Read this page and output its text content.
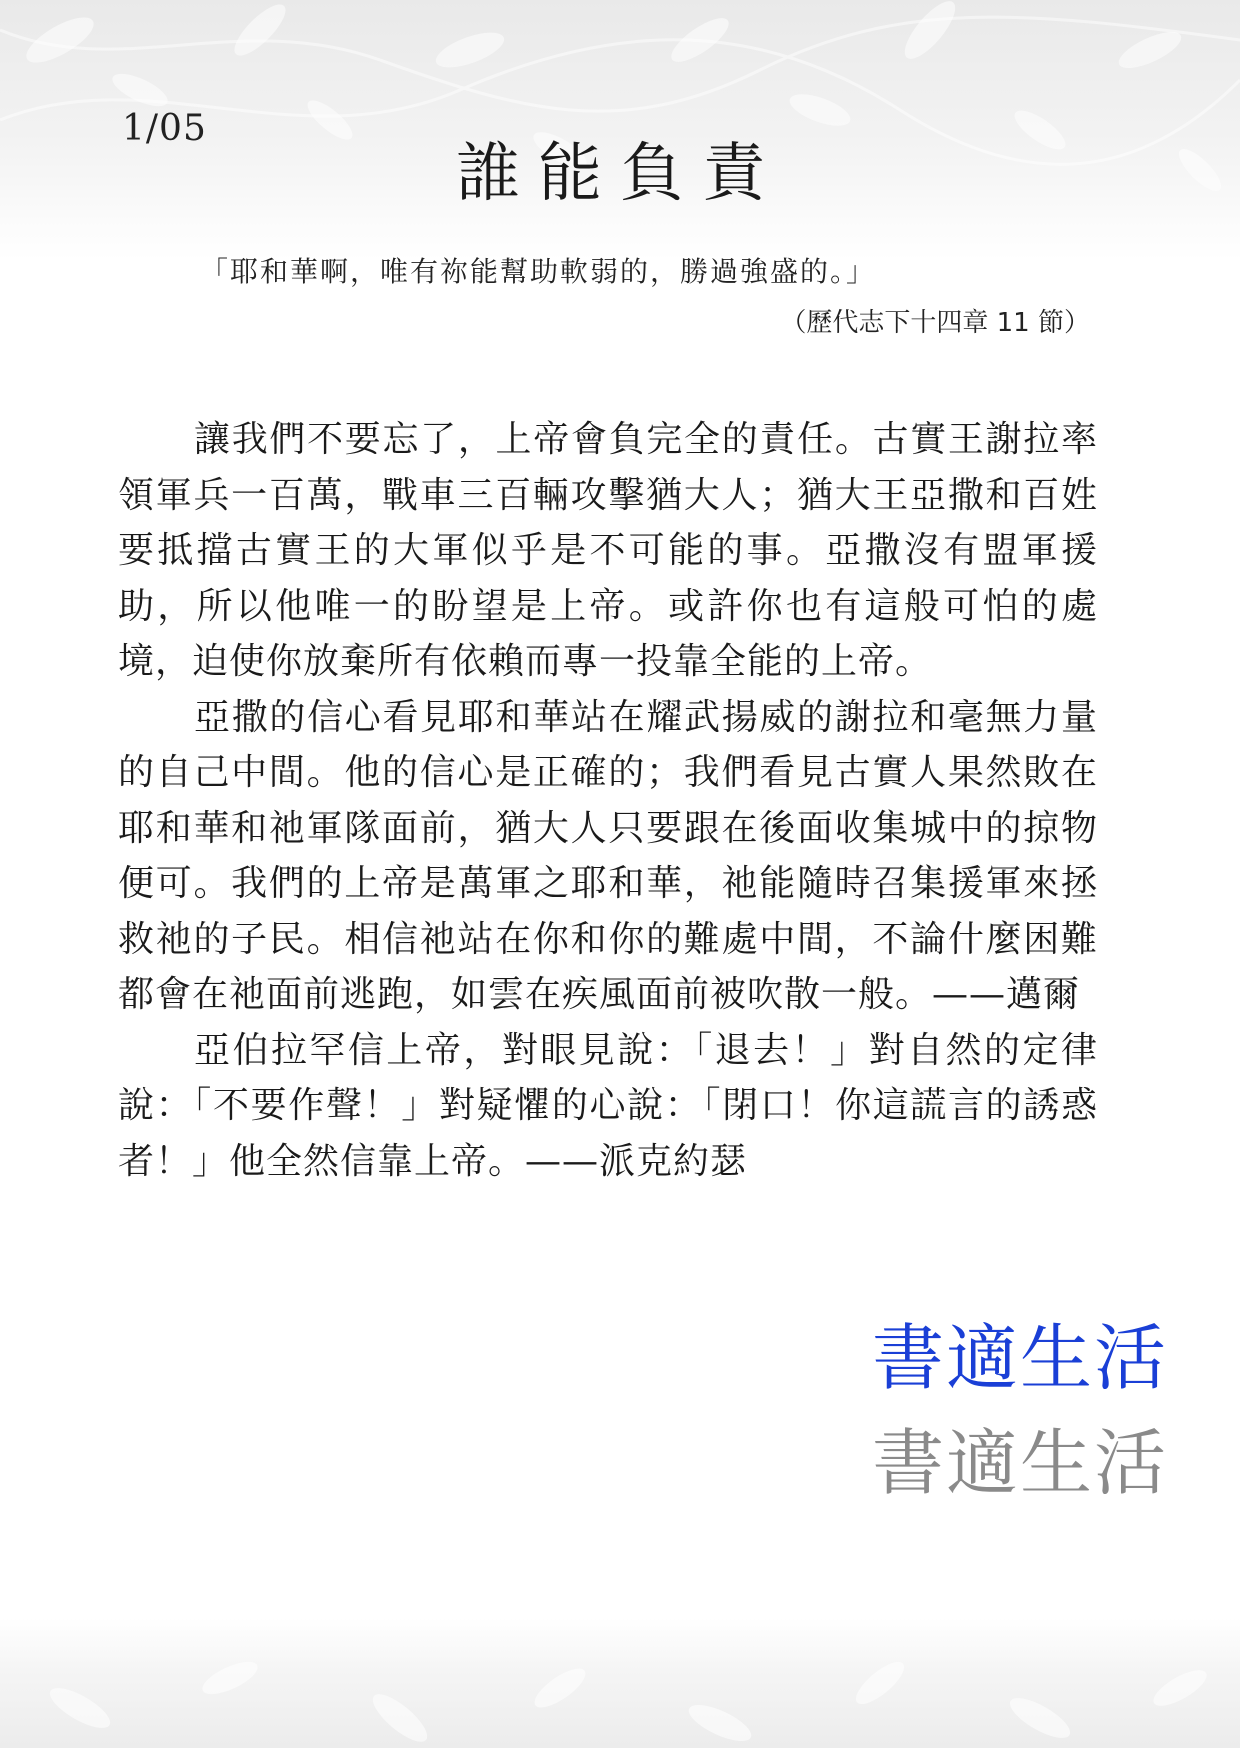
1/05
誰能負責
「耶和華啊，唯有祢能幫助軟弱的，勝過強盛的。」
（歷代志下十四章 11 節）

讓我們不要忘了，上帝會負完全的責任。古實王謝拉率領軍兵一百萬，戰車三百輛攻擊猶大人；猶大王亞撒和百姓要抵擋古實王的大軍似乎是不可能的事。亞撒沒有盟軍援助，所以他唯一的盼望是上帝。或許你也有這般可怕的處境，迫使你放棄所有依賴而專一投靠全能的上帝。

亞撒的信心看見耶和華站在耀武揚威的謝拉和毫無力量的自己中間。他的信心是正確的；我們看見古實人果然敗在耶和華和祂軍隊面前，猶大人只要跟在後面收集城中的掠物便可。我們的上帝是萬軍之耶和華，祂能隨時召集援軍來拯救祂的子民。相信祂站在你和你的難處中間，不論什麼困難都會在祂面前逃跑，如雲在疾風面前被吹散一般。——邁爾

亞伯拉罕信上帝，對眼見說：「退去！」對自然的定律說：「不要作聲！」對疑懼的心說：「閉口！你這謊言的誘惑者！」他全然信靠上帝。——派克約瑟

書適生活
書適生活
